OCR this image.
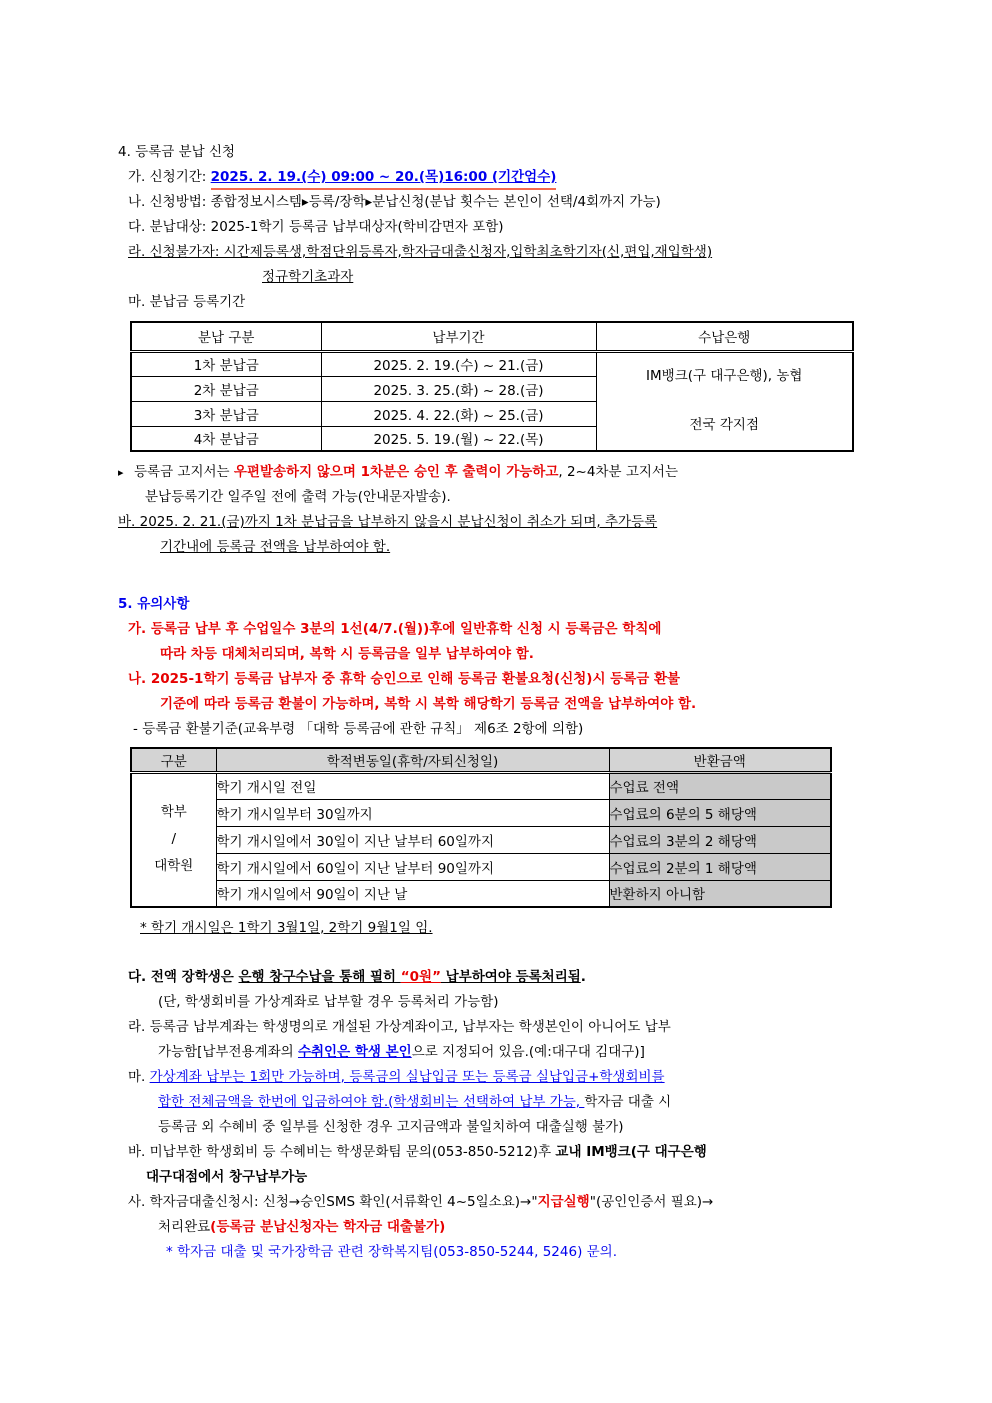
4. 등록금 분납 신청
가. 신청기간: 2025. 2. 19.(수) 09:00 ~ 20.(목)16:00 (기간엄수)
나. 신청방법: 종합정보시스템▸등록/장학▸분납신청(분납 횟수는 본인이 선택/4회까지 가능)
다. 분납대상: 2025-1학기 등록금 납부대상자(학비감면자 포함)
라. 신청불가자: 시간제등록생,학점단위등록자,학자금대출신청자,입학최초학기자(신,편입,재입학생)
정규학기초과자
마. 분납금 등록기간
분납 구분	납부기간	수납은행
1차 분납금	2025. 2. 19.(수) ~ 21.(금)	IM뱅크(구 대구은행), 농협
전국 각지점

2차 분납금	2025. 3. 25.(화) ~ 28.(금)	
3차 분납금	2025. 4. 22.(화) ~ 25.(금)	
4차 분납금	2025. 5. 19.(월) ~ 22.(목)	
▸ 등록금 고지서는 우편발송하지 않으며 1차분은 승인 후 출력이 가능하고, 2~4차분 고지서는
분납등록기간 일주일 전에 출력 가능(안내문자발송).
바. 2025. 2. 21.(금)까지 1차 분납금을 납부하지 않을시 분납신청이 취소가 되며, 추가등록
기간내에 등록금 전액을 납부하여야 함.
5. 유의사항
가. 등록금 납부 후 수업일수 3분의 1선(4/7.(월))후에 일반휴학 신청 시 등록금은 학칙에
따라 차등 대체처리되며, 복학 시 등록금을 일부 납부하여야 함.
나. 2025-1학기 등록금 납부자 중 휴학 승인으로 인해 등록금 환불요청(신청)시 등록금 환불
기준에 따라 등록금 환불이 가능하며, 복학 시 복학 해당학기 등록금 전액을 납부하여야 함.
- 등록금 환불기준(교육부령 「대학 등록금에 관한 규칙」 제6조 2항에 의함)
구분	학적변동일(휴학/자퇴신청일)	반환금액

학부
/
대학원	학기 개시일 전일	수업료 전액
	학기 개시일부터 30일까지	수업료의 6분의 5 해당액
	학기 개시일에서 30일이 지난 날부터 60일까지	수업료의 3분의 2 해당액
	학기 개시일에서 60일이 지난 날부터 90일까지	수업료의 2분의 1 해당액
	학기 개시일에서 90일이 지난 날	반환하지 아니함
* 학기 개시일은 1학기 3월1일, 2학기 9월1일 임.
다. 전액 장학생은 은행 창구수납을 통해 필히 “0원” 납부하여야 등록처리됨.
(단, 학생회비를 가상계좌로 납부할 경우 등록처리 가능함)
라. 등록금 납부계좌는 학생명의로 개설된 가상계좌이고, 납부자는 학생본인이 아니어도 납부
가능함[납부전용계좌의 수취인은 학생 본인으로 지정되어 있음.(예:대구대 김대구)]
마. 가상계좌 납부는 1회만 가능하며, 등록금의 실납입금 또는 등록금 실납입금+학생회비를
합한 전체금액을 한번에 입금하여야 함.(학생회비는 선택하여 납부 가능, 학자금 대출 시
등록금 외 수혜비 중 일부를 신청한 경우 고지금액과 불일치하여 대출실행 불가)
바. 미납부한 학생회비 등 수혜비는 학생문화팀 문의(053-850-5212)후 교내 IM뱅크(구 대구은행
대구대점에서 창구납부가능
사. 학자금대출신청시: 신청→승인SMS 확인(서류확인 4~5일소요)→"지급실행"(공인인증서 필요)→
처리완료(등록금 분납신청자는 학자금 대출불가)
* 학자금 대출 및 국가장학금 관련 장학복지팀(053-850-5244, 5246) 문의.
